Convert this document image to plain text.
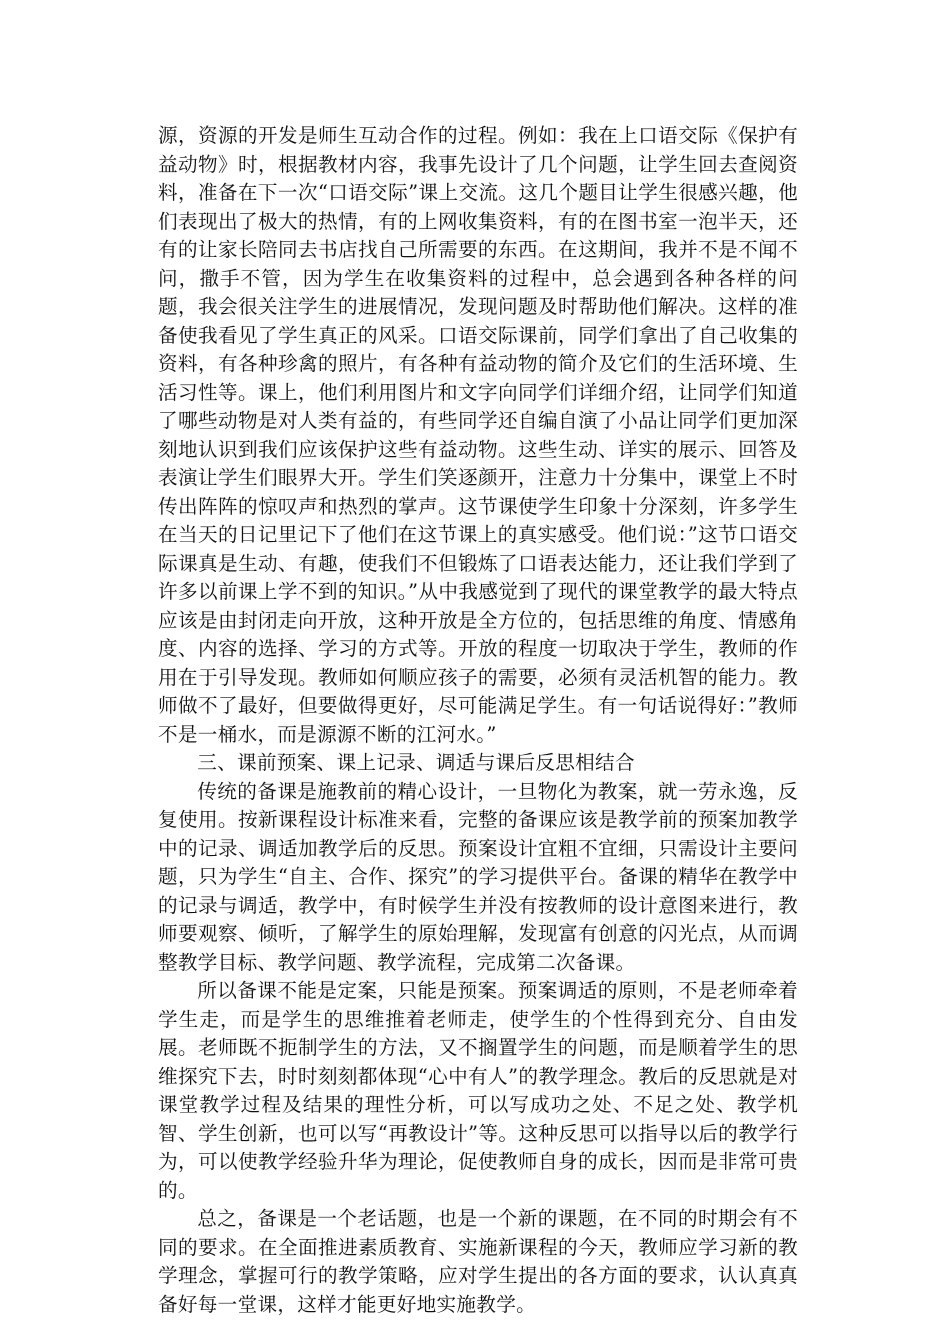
源，资源的开发是师生互动合作的过程。例如：我在上口语交际《保护有益动物》时，根据教材内容，我事先设计了几个问题，让学生回去查阅资料，准备在下一次“口语交际”课上交流。这几个题目让学生很感兴趣，他们表现出了极大的热情，有的上网收集资料，有的在图书室一泡半天，还有的让家长陪同去书店找自己所需要的东西。在这期间，我并不是不闻不问，撒手不管，因为学生在收集资料的过程中，总会遇到各种各样的问题，我会很关注学生的进展情况，发现问题及时帮助他们解决。这样的准备使我看见了学生真正的风采。口语交际课前，同学们拿出了自己收集的资料，有各种珍禽的照片，有各种有益动物的简介及它们的生活环境、生活习性等。课上，他们利用图片和文字向同学们详细介绍，让同学们知道了哪些动物是对人类有益的，有些同学还自编自演了小品让同学们更加深刻地认识到我们应该保护这些有益动物。这些生动、详实的展示、回答及表演让学生们眼界大开。学生们笑逐颜开，注意力十分集中，课堂上不时传出阵阵的惊叹声和热烈的掌声。这节课使学生印象十分深刻，许多学生在当天的日记里记下了他们在这节课上的真实感受。他们说：”这节口语交际课真是生动、有趣，使我们不但锻炼了口语表达能力，还让我们学到了许多以前课上学不到的知识。”从中我感觉到了现代的课堂教学的最大特点应该是由封闭走向开放，这种开放是全方位的，包括思维的角度、情感角度、内容的选择、学习的方式等。开放的程度一切取决于学生，教师的作用在于引导发现。教师如何顺应孩子的需要，必须有灵活机智的能力。教师做不了最好，但要做得更好，尽可能满足学生。有一句话说得好：”教师不是一桶水，而是源源不断的江河水。”

三、课前预案、课上记录、调适与课后反思相结合

传统的备课是施教前的精心设计，一旦物化为教案，就一劳永逸，反复使用。按新课程设计标准来看，完整的备课应该是教学前的预案加教学中的记录、调适加教学后的反思。预案设计宜粗不宜细，只需设计主要问题，只为学生“自主、合作、探究”的学习提供平台。备课的精华在教学中的记录与调适，教学中，有时候学生并没有按教师的设计意图来进行，教师要观察、倾听，了解学生的原始理解，发现富有创意的闪光点，从而调整教学目标、教学问题、教学流程，完成第二次备课。

所以备课不能是定案，只能是预案。预案调适的原则，不是老师牵着学生走，而是学生的思维推着老师走，使学生的个性得到充分、自由发展。老师既不扼制学生的方法，又不搁置学生的问题，而是顺着学生的思维探究下去，时时刻刻都体现“心中有人”的教学理念。教后的反思就是对课堂教学过程及结果的理性分析，可以写成功之处、不足之处、教学机智、学生创新，也可以写“再教设计”等。这种反思可以指导以后的教学行为，可以使教学经验升华为理论，促使教师自身的成长，因而是非常可贵的。

总之，备课是一个老话题，也是一个新的课题，在不同的时期会有不同的要求。在全面推进素质教育、实施新课程的今天，教师应学习新的教学理念，掌握可行的教学策略，应对学生提出的各方面的要求，认认真真备好每一堂课，这样才能更好地实施教学。
